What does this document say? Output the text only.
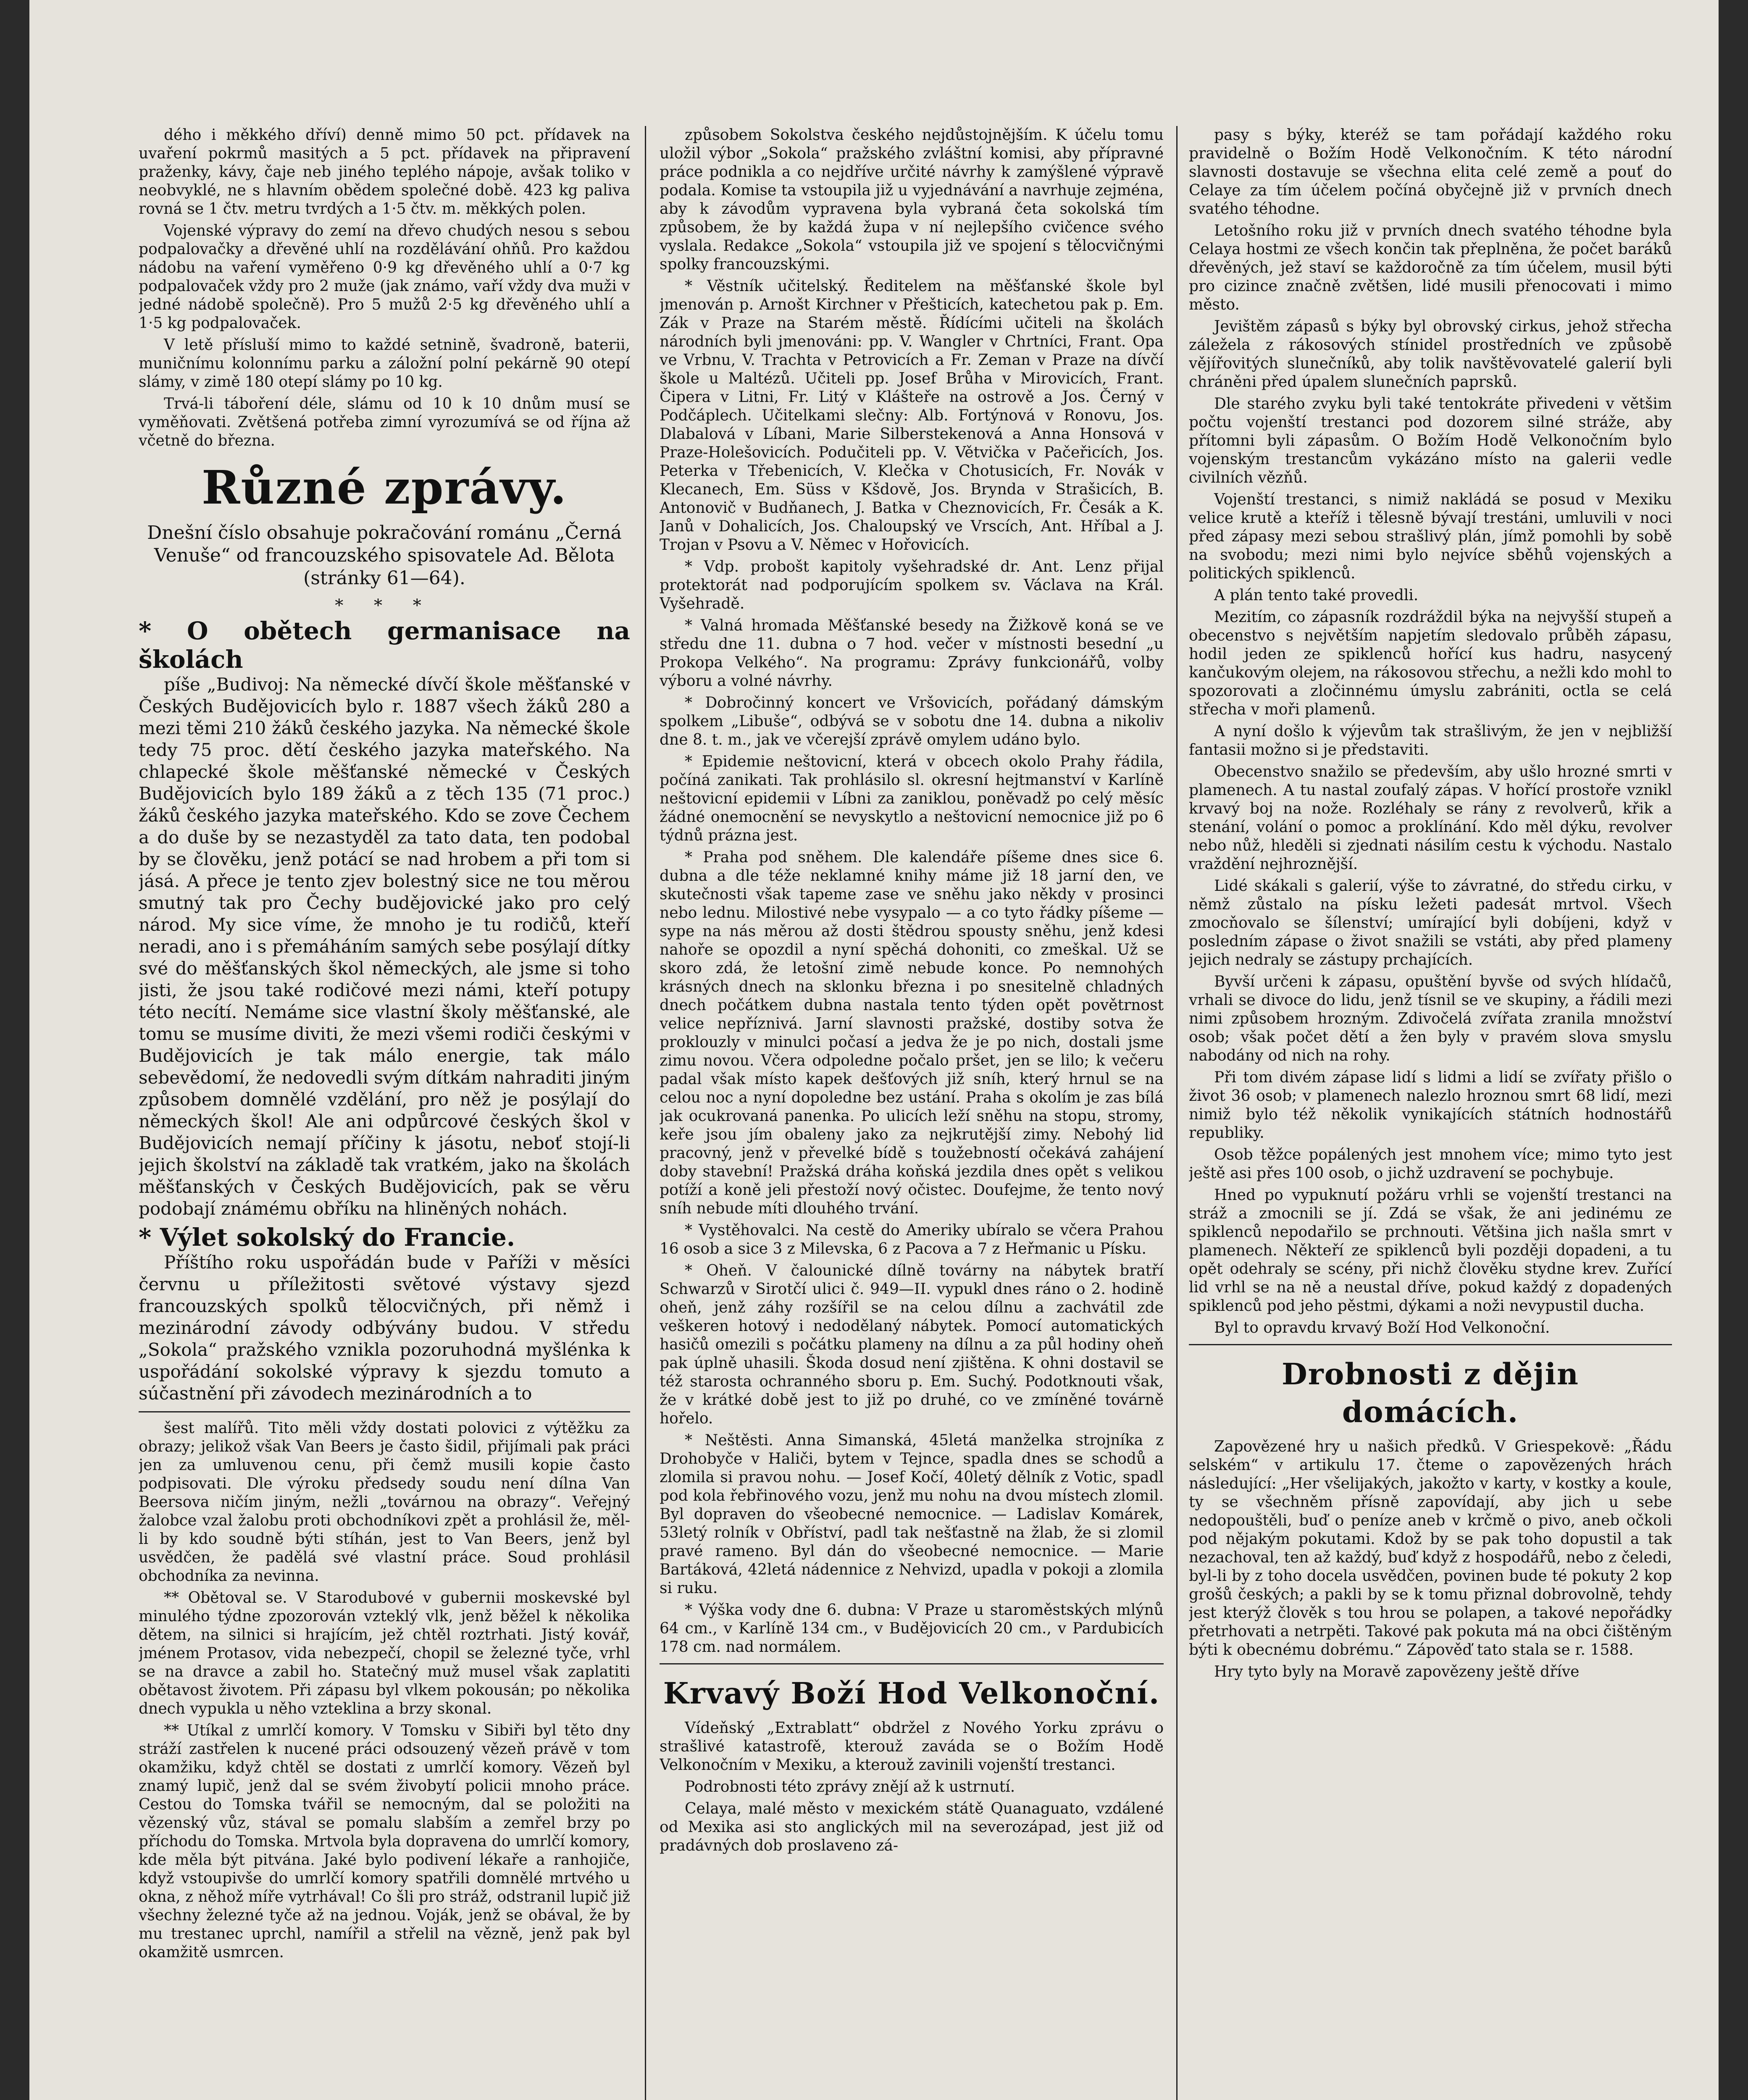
dého i měkkého dříví) denně mimo 50 pct. přídavek na uvaření pokrmů masitých a 5 pct. přídavek na připravení praženky, kávy, čaje neb jiného teplého nápoje, avšak toliko v neobvyklé, ne s hlavním obědem společné době. 423 kg paliva rovná se 1 čtv. metru tvrdých a 1·5 čtv. m. měkkých polen.

Vojenské výpravy do zemí na dřevo chudých nesou s sebou podpalovačky a dřevěné uhlí na rozdělávání ohňů. Pro každou nádobu na vaření vyměřeno 0·9 kg dřevěného uhlí a 0·7 kg podpalovaček vždy pro 2 muže (jak známo, vaří vždy dva muži v jedné nádobě společně). Pro 5 mužů 2·5 kg dřevěného uhlí a 1·5 kg podpalovaček.

V letě přísluší mimo to každé setnině, švadroně, baterii, muničnímu kolonnímu parku a záložní polní pekárně 90 otepí slámy, v zimě 180 otepí slámy po 10 kg.

Trvá-li táboření déle, slámu od 10 k 10 dnům musí se vyměňovati. Zvětšená potřeba zimní vyrozumívá se od října až včetně do března.

Různé zprávy.
Dnešní číslo obsahuje pokračování románu „Černá Venuše“ od francouzského spisovatele Ad. Bělota (stránky 61—64).
* * *
* O obětech germanisace na školách

píše „Budivoj: Na německé dívčí škole měšťanské v Českých Budějovicích bylo r. 1887 všech žáků 280 a mezi těmi 210 žáků českého jazyka. Na německé škole tedy 75 proc. dětí českého jazyka mateřského. Na chlapecké škole měšťanské německé v Českých Budějovicích bylo 189 žáků a z těch 135 (71 proc.) žáků českého jazyka mateřského. Kdo se zove Čechem a do duše by se nezastyděl za tato data, ten podobal by se člověku, jenž potácí se nad hrobem a při tom si jásá. A přece je tento zjev bolestný sice ne tou měrou smutný tak pro Čechy budějovické jako pro celý národ. My sice víme, že mnoho je tu rodičů, kteří neradi, ano i s přemáháním samých sebe posýlají dítky své do měšťanských škol německých, ale jsme si toho jisti, že jsou také rodičové mezi námi, kteří potupy této necítí. Nemáme sice vlastní školy měšťanské, ale tomu se musíme diviti, že mezi všemi rodiči českými v Budějovicích je tak málo energie, tak málo sebevědomí, že nedovedli svým dítkám nahraditi jiným způsobem domnělé vzdělání, pro něž je posýlají do německých škol! Ale ani odpůrcové českých škol v Budějovicích nemají příčiny k jásotu, neboť stojí-li jejich školství na základě tak vratkém, jako na školách měšťanských v Českých Budějovicích, pak se věru podobají známému obříku na hliněných nohách.

* Výlet sokolský do Francie.

Příštího roku uspořádán bude v Paříži v měsíci červnu u příležitosti světové výstavy sjezd francouzských spolků tělocvičných, při němž i mezinárodní závody odbývány budou. V středu „Sokola“ pražského vznikla pozoruhodná myšlénka k uspořádání sokolské výpravy k sjezdu tomuto a súčastnění při závodech mezinárodních a to

šest malířů. Tito měli vždy dostati polovici z výtěžku za obrazy; jelikož však Van Beers je často šidil, přijímali pak práci jen za umluvenou cenu, při čemž musili kopie často podpisovati. Dle výroku předsedy soudu není dílna Van Beersova ničím jiným, nežli „továrnou na obrazy“. Veřejný žalobce vzal žalobu proti obchodníkovi zpět a prohlásil že, měl-li by kdo soudně býti stíhán, jest to Van Beers, jenž byl usvědčen, že padělá své vlastní práce. Soud prohlásil obchodníka za nevinna.

** Obětoval se. V Starodubové v gubernii moskevské byl minulého týdne zpozorován vzteklý vlk, jenž běžel k několika dětem, na silnici si hrajícím, jež chtěl roztrhati. Jistý kovář, jménem Protasov, vida nebezpečí, chopil se železné tyče, vrhl se na dravce a zabil ho. Statečný muž musel však zaplatiti obětavost životem. Při zápasu byl vlkem pokousán; po několika dnech vypukla u něho vzteklina a brzy skonal.

** Utíkal z umrlčí komory. V Tomsku v Sibiři byl těto dny stráží zastřelen k nucené práci odsouzený vězeň právě v tom okamžiku, když chtěl se dostati z umrlčí komory. Vězeň byl znamý lupič, jenž dal se svém živobytí policii mnoho práce. Cestou do Tomska tvářil se nemocným, dal se položiti na vězenský vůz, stával se pomalu slabším a zemřel brzy po příchodu do Tomska. Mrtvola byla dopravena do umrlčí komory, kde měla být pitvána. Jaké bylo podivení lékaře a ranhojiče, když vstoupivše do umrlčí komory spatřili domnělé mrtvého u okna, z něhož míře vytrhával! Co šli pro stráž, odstranil lupič již všechny železné tyče až na jednou. Voják, jenž se obával, že by mu trestanec uprchl, namířil a střelil na vězně, jenž pak byl okamžitě usmrcen.

způsobem Sokolstva českého nejdůstojnějším. K účelu tomu uložil výbor „Sokola“ pražského zvláštní komisi, aby přípravné práce podnikla a co nejdříve určité návrhy k zamýšlené výpravě podala. Komise ta vstoupila již u vyjednávání a navrhuje zejména, aby k závodům vypravena byla vybraná četa sokolská tím způsobem, že by každá župa v ní nejlepšího cvičence svého vyslala. Redakce „Sokola“ vstoupila již ve spojení s tělocvičnými spolky francouzskými.

* Věstník učitelský. Ředitelem na měšťanské škole byl jmenován p. Arnošt Kirchner v Přešticích, katechetou pak p. Em. Zák v Praze na Starém městě. Řídícími učiteli na školách národních byli jmenováni: pp. V. Wangler v Chrtníci, Frant. Opa ve Vrbnu, V. Trachta v Petrovicích a Fr. Zeman v Praze na dívčí škole u Maltézů. Učiteli pp. Josef Brůha v Mirovicích, Frant. Čipera v Litni, Fr. Litý v Klášteře na ostrově a Jos. Černý v Podčáplech. Učitelkami slečny: Alb. Fortýnová v Ronovu, Jos. Dlabalová v Líbani, Marie Silberstekenová a Anna Honsová v Praze-Holešovicích. Podučiteli pp. V. Větvička v Pačeřicích, Jos. Peterka v Třebenicích, V. Klečka v Chotusicích, Fr. Novák v Klecanech, Em. Süss v Kšdově, Jos. Brynda v Strašicích, B. Antonovič v Budňanech, J. Batka v Cheznovicích, Fr. Česák a K. Janů v Dohalicích, Jos. Chaloupský ve Vrscích, Ant. Hříbal a J. Trojan v Psovu a V. Němec v Hořovicích.

* Vdp. probošt kapitoly vyšehradské dr. Ant. Lenz přijal protektorát nad podporujícím spolkem sv. Václava na Král. Vyšehradě.

* Valná hromada Měšťanské besedy na Žižkově koná se ve středu dne 11. dubna o 7 hod. večer v místnosti besední „u Prokopa Velkého“. Na programu: Zprávy funkcionářů, volby výboru a volné návrhy.

* Dobročinný koncert ve Vršovicích, pořádaný dámským spolkem „Libuše“, odbývá se v sobotu dne 14. dubna a nikoliv dne 8. t. m., jak ve včerejší zprávě omylem udáno bylo.

* Epidemie neštovicní, která v obcech okolo Prahy řádila, počíná zanikati. Tak prohlásilo sl. okresní hejtmanství v Karlíně neštovicní epidemii v Líbni za zaniklou, poněvadž po celý měsíc žádné onemocnění se nevyskytlo a neštovicní nemocnice již po 6 týdnů prázna jest.

* Praha pod sněhem. Dle kalendáře píšeme dnes sice 6. dubna a dle téže neklamné knihy máme již 18 jarní den, ve skutečnosti však tapeme zase ve sněhu jako někdy v prosinci nebo lednu. Milostivé nebe vysypalo — a co tyto řádky píšeme — sype na nás měrou až dosti štědrou spousty sněhu, jenž kdesi nahoře se opozdil a nyní spěchá dohoniti, co zmeškal. Už se skoro zdá, že letošní zimě nebude konce. Po nemnohých krásných dnech na sklonku března i po snesitelně chladných dnech počátkem dubna nastala tento týden opět povětrnost velice nepříznivá. Jarní slavnosti pražské, dostiby sotva že proklouzly v minulci počasí a jedva že je po nich, dostali jsme zimu novou. Včera odpoledne počalo pršet, jen se lilo; k večeru padal však místo kapek dešťových již sníh, který hrnul se na celou noc a nyní dopoledne bez ustání. Praha s okolím je zas bílá jak ocukrovaná panenka. Po ulicích leží sněhu na stopu, stromy, keře jsou jím obaleny jako za nejkrutější zimy. Nebohý lid pracovný, jenž v převelké bídě s toužebností očekává zahájení doby stavební! Pražská dráha koňská jezdila dnes opět s velikou potíží a koně jeli přestoží nový očistec. Doufejme, že tento nový sníh nebude míti dlouhého trvání.

* Vystěhovalci. Na cestě do Ameriky ubíralo se včera Prahou 16 osob a sice 3 z Milevska, 6 z Pacova a 7 z Heřmanic u Písku.

* Oheň. V čalounické dílně továrny na nábytek bratří Schwarzů v Sirotčí ulici č. 949—II. vypukl dnes ráno o 2. hodině oheň, jenž záhy rozšířil se na celou dílnu a zachvátil zde veškeren hotový i nedodělaný nábytek. Pomocí automatických hasičů omezili s počátku plameny na dílnu a za půl hodiny oheň pak úplně uhasili. Škoda dosud není zjištěna. K ohni dostavil se též starosta ochranného sboru p. Em. Suchý. Podotknouti však, že v krátké době jest to již po druhé, co ve zmíněné továrně hořelo.

* Neštěsti. Anna Simanská, 45letá manželka strojníka z Drohobyče v Haliči, bytem v Tejnce, spadla dnes se schodů a zlomila si pravou nohu. — Josef Kočí, 40letý dělník z Votic, spadl pod kola řebřinového vozu, jenž mu nohu na dvou místech zlomil. Byl dopraven do všeobecné nemocnice. — Ladislav Komárek, 53letý rolník v Obříství, padl tak nešťastně na žlab, že si zlomil pravé rameno. Byl dán do všeobecné nemocnice. — Marie Bartáková, 42letá nádennice z Nehvizd, upadla v pokoji a zlomila si ruku.

* Výška vody dne 6. dubna: V Praze u staroměstských mlýnů 64 cm., v Karlíně 134 cm., v Budějovicích 20 cm., v Pardubicích 178 cm. nad normálem.

Krvavý Boží Hod Velkonoční.

Vídeňský „Extrablatt“ obdržel z Nového Yorku zprávu o strašlivé katastrofě, kterouž zaváda se o Božím Hodě Velkonočním v Mexiku, a kterouž zavinili vojenští trestanci.

Podrobnosti této zprávy znějí až k ustrnutí.

Celaya, malé město v mexickém státě Quanaguato, vzdálené od Mexika asi sto anglických mil na severozápad, jest již od pradávných dob proslaveno zá-

pasy s býky, kteréž se tam pořádají každého roku pravidelně o Božím Hodě Velkonočním. K této národní slavnosti dostavuje se všechna elita celé země a pouť do Celaye za tím účelem počíná obyčejně již v prvních dnech svatého téhodne.

Letošního roku již v prvních dnech svatého téhodne byla Celaya hostmi ze všech končin tak přeplněna, že počet baráků dřevěných, jež staví se každoročně za tím účelem, musil býti pro cizince značně zvětšen, lidé musili přenocovati i mimo město.

Jevištěm zápasů s býky byl obrovský cirkus, jehož střecha záležela z rákosových stínidel prostředních ve způsobě vějířovitých slunečníků, aby tolik navštěvovatelé galerií byli chráněni před úpalem slunečních paprsků.

Dle starého zvyku byli také tentokráte přivedeni v většim počtu vojenští trestanci pod dozorem silné stráže, aby přítomni byli zápasům. O Božím Hodě Velkonočním bylo vojenským trestancům vykázáno místo na galerii vedle civilních vězňů.

Vojenští trestanci, s nimiž nakládá se posud v Mexiku velice krutě a kteříž i tělesně bývají trestáni, umluvili v noci před zápasy mezi sebou strašlivý plán, jímž pomohli by sobě na svobodu; mezi nimi bylo nejvíce sběhů vojenských a politických spiklenců.

A plán tento také provedli.

Mezitím, co zápasník rozdráždil býka na nejvyšší stupeň a obecenstvo s největším napjetím sledovalo průběh zápasu, hodil jeden ze spiklenců hořící kus hadru, nasycený kančukovým olejem, na rákosovou střechu, a nežli kdo mohl to spozorovati a zločinnému úmyslu zabrániti, octla se celá střecha v moři plamenů.

A nyní došlo k výjevům tak strašlivým, že jen v nejbližší fantasii možno si je představiti.

Obecenstvo snažilo se především, aby ušlo hrozné smrti v plamenech. A tu nastal zoufalý zápas. V hořící prostoře vznikl krvavý boj na nože. Rozléhaly se rány z revolverů, křik a stenání, volání o pomoc a proklínání. Kdo měl dýku, revolver nebo nůž, hleděli si zjednati násilím cestu k východu. Nastalo vraždění nejhroznější.

Lidé skákali s galerií, výše to závratné, do středu cirku, v němž zůstalo na písku ležeti padesát mrtvol. Všech zmocňovalo se šílenství; umírající byli dobíjeni, když v posledním zápase o život snažili se vstáti, aby před plameny jejich nedraly se zástupy prchajících.

Byvší určeni k zápasu, opuštění byvše od svých hlídačů, vrhali se divoce do lidu, jenž tísnil se ve skupiny, a řádili mezi nimi způsobem hrozným. Zdivočelá zvířata zranila množství osob; však počet dětí a žen byly v pravém slova smyslu nabodány od nich na rohy.

Při tom divém zápase lidí s lidmi a lidí se zvířaty přišlo o život 36 osob; v plamenech nalezlo hroznou smrt 68 lidí, mezi nimiž bylo též několik vynikajících státních hodnostářů republiky.

Osob těžce popálených jest mnohem více; mimo tyto jest ještě asi přes 100 osob, o jichž uzdravení se pochybuje.

Hned po vypuknutí požáru vrhli se vojenští trestanci na stráž a zmocnili se jí. Zdá se však, že ani jedinému ze spiklenců nepodařilo se prchnouti. Většina jich našla smrt v plamenech. Někteří ze spiklenců byli později dopadeni, a tu opět odehraly se scény, při nichž člověku stydne krev. Zuřící lid vrhl se na ně a neustal dříve, pokud každý z dopadených spiklenců pod jeho pěstmi, dýkami a noži nevypustil ducha.

Byl to opravdu krvavý Boží Hod Velkonoční.

Drobnosti z dějin domácích.

Zapovězené hry u našich předků. V Griespekově: „Řádu selském“ v artikulu 17. čteme o zapovězených hrách následující: „Her všelijakých, jakožto v karty, v kostky a koule, ty se všechněm přísně zapovídají, aby jich u sebe nedopouštěli, buď o peníze aneb v krčmě o pivo, aneb očkoli pod nějakým pokutami. Kdož by se pak toho dopustil a tak nezachoval, ten až každý, buď když z hospodářů, nebo z čeledi, byl-li by z toho docela usvědčen, povinen bude té pokuty 2 kop grošů českých; a pakli by se k tomu přiznal dobrovolně, tehdy jest kterýž člověk s tou hrou se polapen, a takové nepořádky přetrhovati a netrpěti. Takové pak pokuta má na obci čištěným býti k obecnému dobrému.“ Zápověď tato stala se r. 1588.

Hry tyto byly na Moravě zapovězeny ještě dříve
